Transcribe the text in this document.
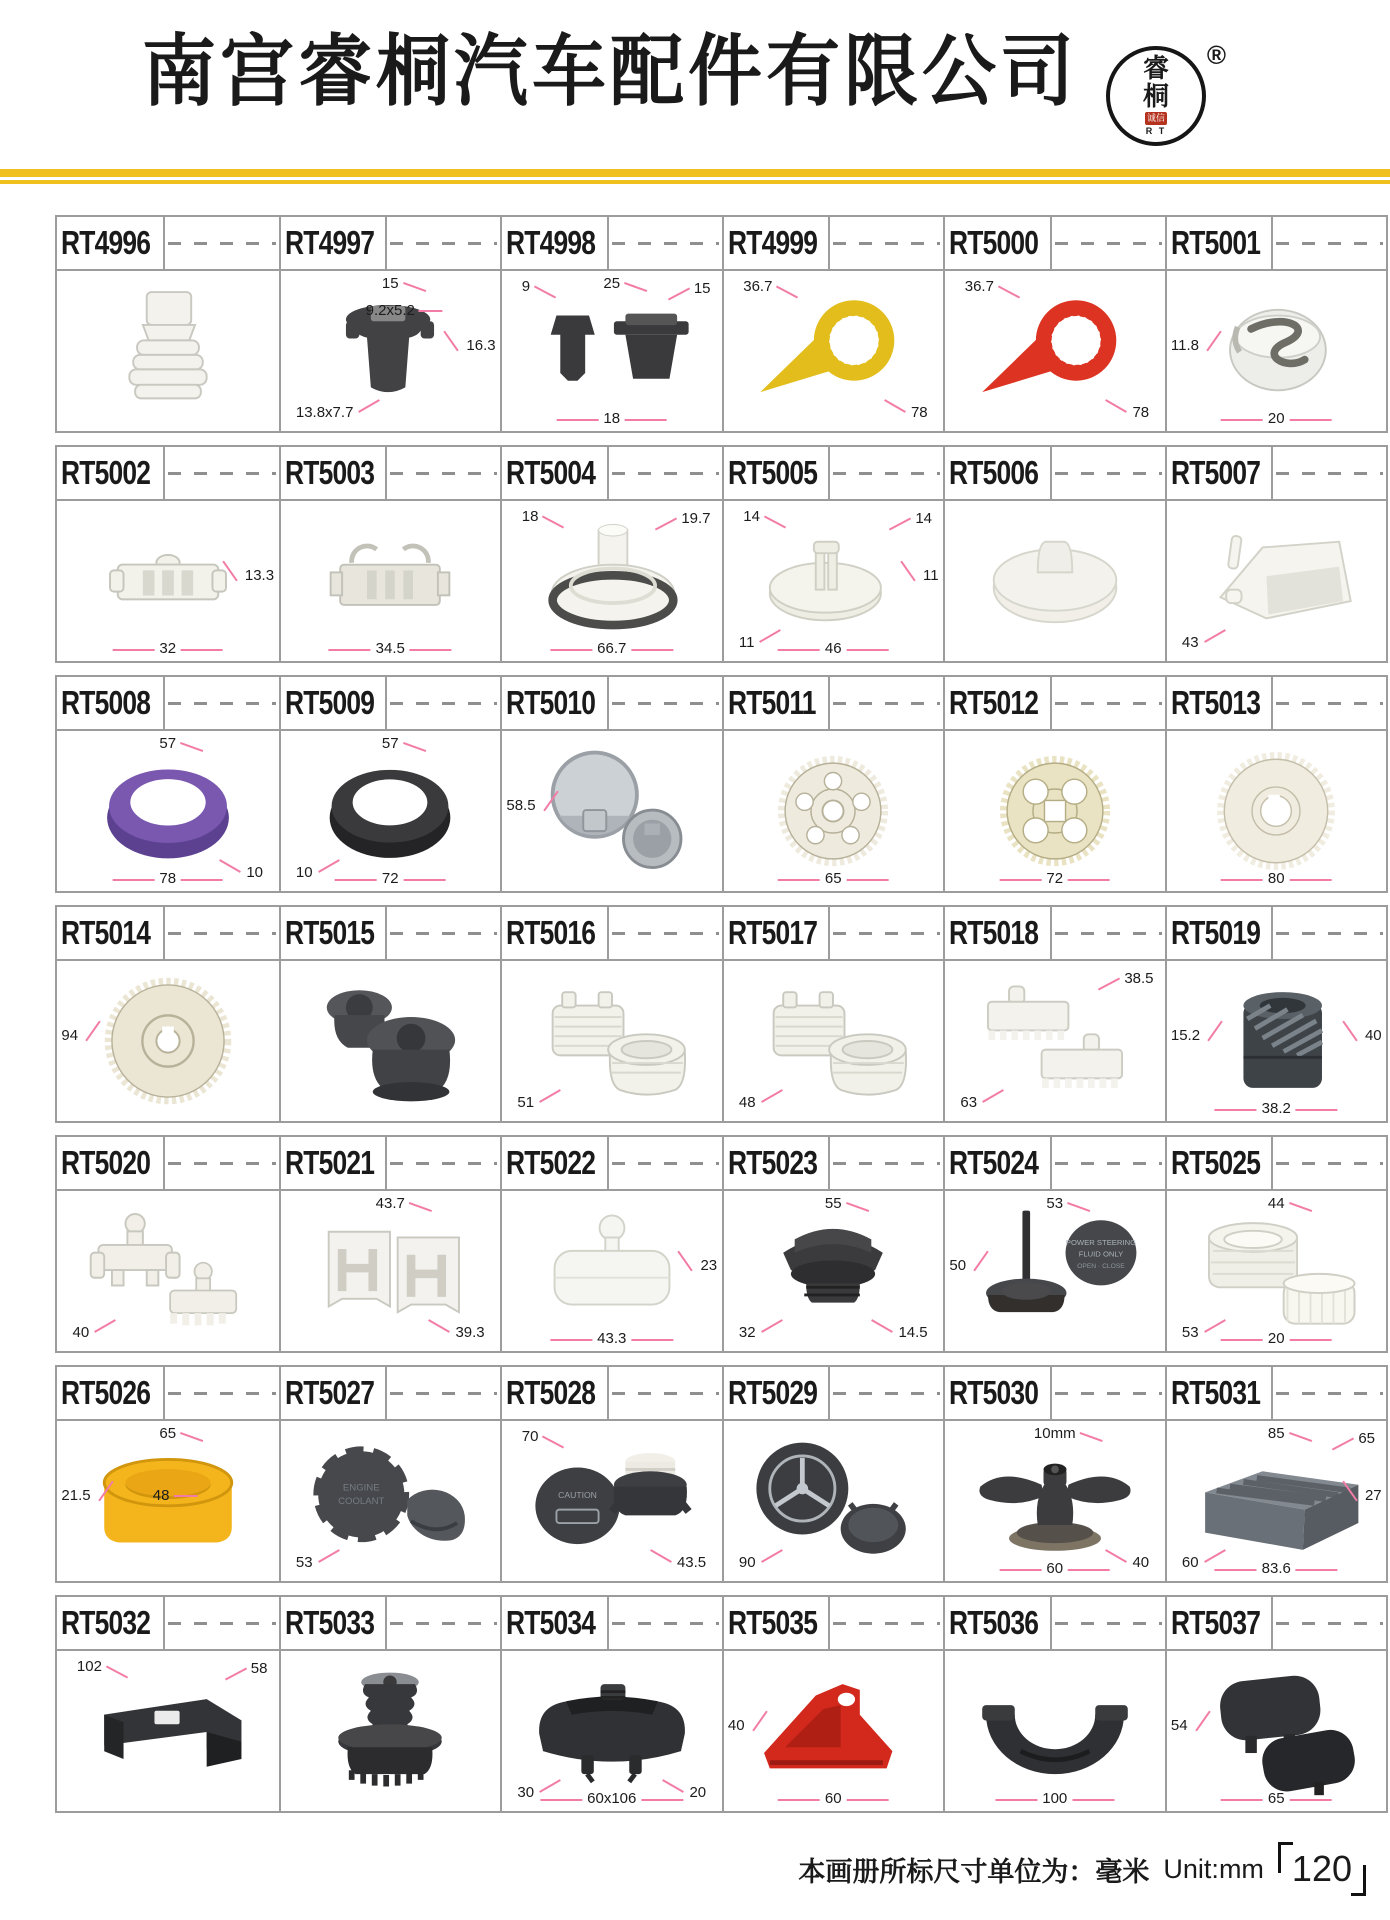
南宫睿桐汽车配件有限公司	睿
桐
诚信
R T
®
RT4996	RT4997
15
9.2x5.2
16.3
13.8x7.7
RT4998
9	25	15
18
RT4999
36.7
78
RT5000
36.7
78
RT5001
11.8
20
RT5002
13.3
32
RT5003
34.5
RT5004
18	19.7
66.7
RT5005
14	14
11
11	46
RT5006	RT5007
43
RT5008
57
10
78
RT5009
57
10	72
RT5010
58.5
RT5011
65
RT5012
72
RT5013
80
RT5014
94
RT5015	RT5016
51
RT5017
48
RT5018
38.5
63
RT5019
15.2	40
38.2
RT5020
40
RT5021
43.7
39.3
RT5022
23
43.3
RT5023
55
32	14.5
RT5024
POWER STEERING
FLUID ONLY
OPEN · CLOSE
50
53
RT5025
44
53	20
RT5026
65
48
21.5
RT5027
ENGINE
COOLANT
53
RT5028
CAUTION
70
43.5
RT5029
90
RT5030
10mm
40
60
RT5031
85	65
27
60	83.6
RT5032
102	58
RT5033	RT5034
30	20
60x106
RT5035
40
60
RT5036
100
RT5037
54
65
本画册所标尺寸单位为：毫米 Unit:mm 120
